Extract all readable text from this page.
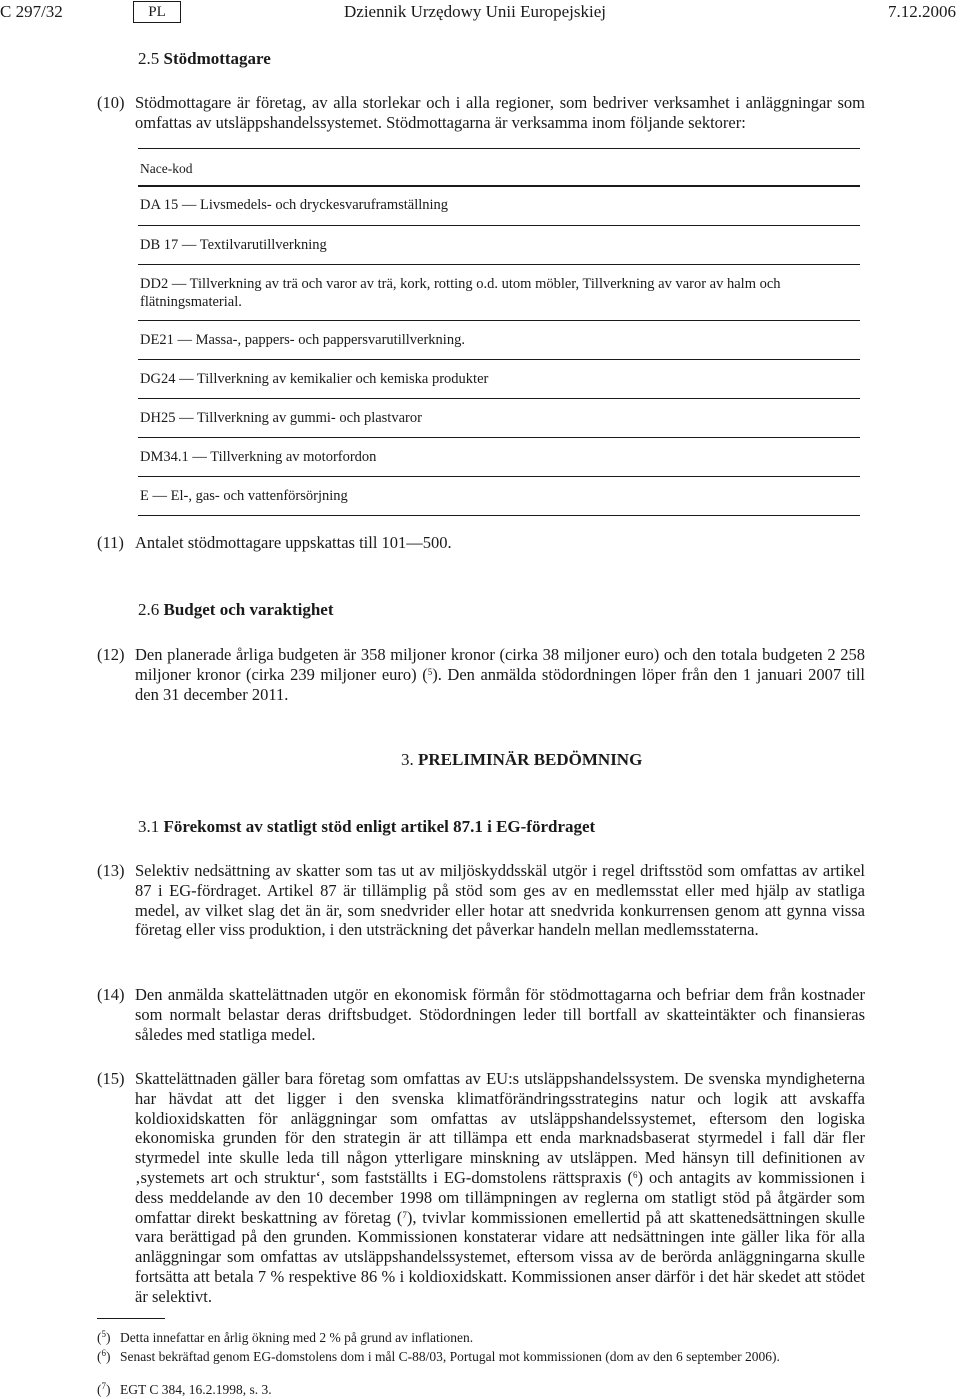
C 297/32	PL	Dziennik Urzędowy Unii Europejskiej	7.12.2006
2.5 Stödmottagare
(10) Stödmottagare är företag, av alla storlekar och i alla regioner, som bedriver verksamhet i anläggningar som omfattas av utsläppshandelssystemet. Stödmottagarna är verksamma inom följande sektorer:
Nace-kod
DA 15 — Livsmedels- och dryckesvaruframställning
DB 17 — Textilvarutillverkning
DD2 — Tillverkning av trä och varor av trä, kork, rotting o.d. utom möbler, Tillverkning av varor av halm och flätningsmaterial.
DE21 — Massa-, pappers- och pappersvarutillverkning.
DG24 — Tillverkning av kemikalier och kemiska produkter
DH25 — Tillverkning av gummi- och plastvaror
DM34.1 — Tillverkning av motorfordon
E — El-, gas- och vattenförsörjning
(11) Antalet stödmottagare uppskattas till 101—500.
2.6 Budget och varaktighet
(12) Den planerade årliga budgeten är 358 miljoner kronor (cirka 38 miljoner euro) och den totala budgeten 2 258 miljoner kronor (cirka 239 miljoner euro) ($^5$). Den anmälda stödordningen löper från den 1 januari 2007 till den 31 december 2011.
3. PRELIMINÄR BEDÖMNING
3.1 Förekomst av statligt stöd enligt artikel 87.1 i EG-fördraget
(13) Selektiv nedsättning av skatter som tas ut av miljöskyddsskäl utgör i regel driftsstöd som omfattas av artikel 87 i EG-fördraget. Artikel 87 är tillämplig på stöd som ges av en medlemsstat eller med hjälp av statliga medel, av vilket slag det än är, som snedvrider eller hotar att snedvrida konkurrensen genom att gynna vissa företag eller viss produktion, i den utsträckning det påverkar handeln mellan medlemsstaterna.
(14) Den anmälda skattelättnaden utgör en ekonomisk förmån för stödmottagarna och befriar dem från kostnader som normalt belastar deras driftsbudget. Stödordningen leder till bortfall av skatteintäkter och finansieras således med statliga medel.
(15) Skattelättnaden gäller bara företag som omfattas av EU:s utsläppshandelssystem. De svenska myndigheterna har hävdat att det ligger i den svenska klimatförändringsstrategins natur och logik att avskaffa koldioxidskatten för anläggningar som omfattas av utsläppshandelssystemet, eftersom den logiska ekonomiska grunden för den strategin är att tillämpa ett enda marknadsbaserat styrmedel i fall där fler styrmedel inte skulle leda till någon ytterligare minskning av utsläppen. Med hänsyn till definitionen av ‚systemets art och struktur‘, som fastställts i EG-domstolens rättspraxis ($^6$) och antagits av kommissionen i dess meddelande av den 10 december 1998 om tillämpningen av reglerna om statligt stöd på åtgärder som omfattar direkt beskattning av företag ($^7$), tvivlar kommissionen emellertid på att skattenedsättningen skulle vara berättigad på den grunden. Kommissionen konstaterar vidare att nedsättningen inte gäller lika för alla anläggningar som omfattas av utsläppshandelssystemet, eftersom vissa av de berörda anläggningarna skulle fortsätta att betala 7 % respektive 86 % i koldioxidskatt. Kommissionen anser därför i det här skedet att stödet är selektivt.
($^5$) Detta innefattar en årlig ökning med 2 % på grund av inflationen.
($^6$) Senast bekräftad genom EG-domstolens dom i mål C-88/03, Portugal mot kommissionen (dom av den 6 september 2006).
($^7$) EGT C 384, 16.2.1998, s. 3.
